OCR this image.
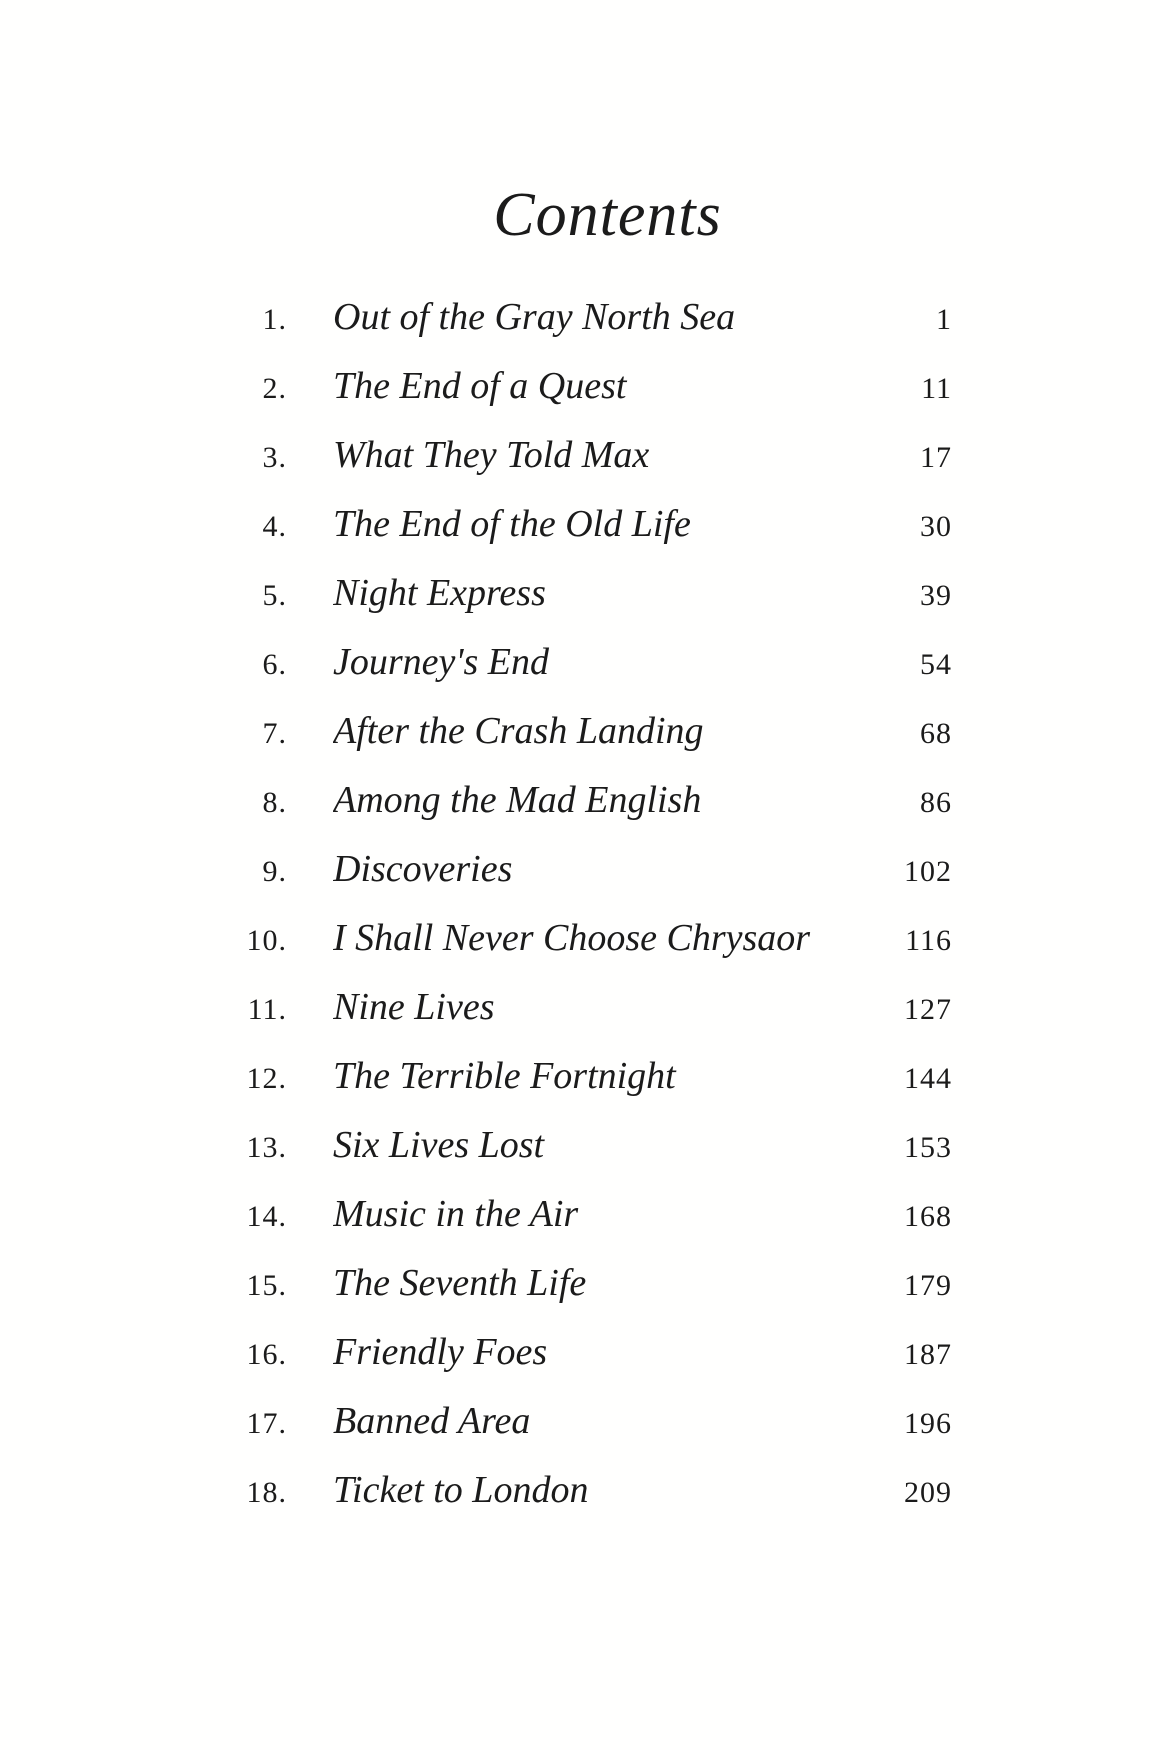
Contents
1. Out of the Gray North Sea	1
2. The End of a Quest	11
3. What They Told Max	17
4. The End of the Old Life	30
5. Night Express	39
6. Journey's End	54
7. After the Crash Landing	68
8. Among the Mad English	86
9. Discoveries	102
10. I Shall Never Choose Chrysaor	116
11. Nine Lives	127
12. The Terrible Fortnight	144
13. Six Lives Lost	153
14. Music in the Air	168
15. The Seventh Life	179
16. Friendly Foes	187
17. Banned Area	196
18. Ticket to London	209
